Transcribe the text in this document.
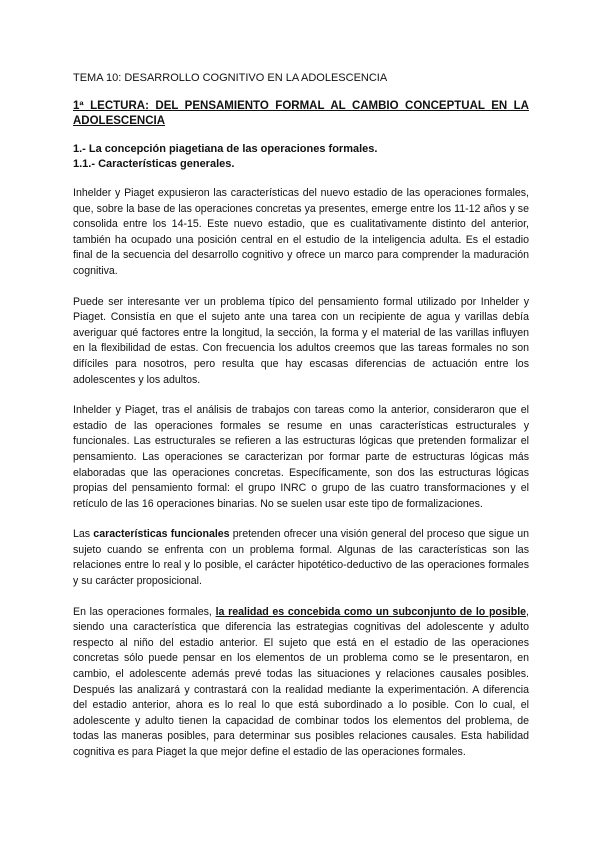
TEMA 10: DESARROLLO COGNITIVO EN LA ADOLESCENCIA
1ª LECTURA: DEL PENSAMIENTO FORMAL AL CAMBIO CONCEPTUAL EN LA ADOLESCENCIA
1.- La concepción piagetiana de las operaciones formales.
1.1.- Características generales.

Inhelder y Piaget expusieron las características del nuevo estadio de las operaciones formales, que, sobre la base de las operaciones concretas ya presentes, emerge entre los 11-12 años y se consolida entre los 14-15. Este nuevo estadio, que es cualitativamente distinto del anterior, también ha ocupado una posición central en el estudio de la inteligencia adulta. Es el estadio final de la secuencia del desarrollo cognitivo y ofrece un marco para comprender la maduración cognitiva.

Puede ser interesante ver un problema típico del pensamiento formal utilizado por Inhelder y Piaget. Consistía en que el sujeto ante una tarea con un recipiente de agua y varillas debía averiguar qué factores entre la longitud, la sección, la forma y el material de las varillas influyen en la flexibilidad de estas. Con frecuencia los adultos creemos que las tareas formales no son difíciles para nosotros, pero resulta que hay escasas diferencias de actuación entre los adolescentes y los adultos.

Inhelder y Piaget, tras el análisis de trabajos con tareas como la anterior, consideraron que el estadio de las operaciones formales se resume en unas características estructurales y funcionales. Las estructurales se refieren a las estructuras lógicas que pretenden formalizar el pensamiento. Las operaciones se caracterizan por formar parte de estructuras lógicas más elaboradas que las operaciones concretas. Específicamente, son dos las estructuras lógicas propias del pensamiento formal: el grupo INRC o grupo de las cuatro transformaciones y el retículo de las 16 operaciones binarias. No se suelen usar este tipo de formalizaciones.

Las características funcionales pretenden ofrecer una visión general del proceso que sigue un sujeto cuando se enfrenta con un problema formal. Algunas de las características son las relaciones entre lo real y lo posible, el carácter hipotético-deductivo de las operaciones formales y su carácter proposicional.

En las operaciones formales, la realidad es concebida como un subconjunto de lo posible, siendo una característica que diferencia las estrategias cognitivas del adolescente y adulto respecto al niño del estadio anterior. El sujeto que está en el estadio de las operaciones concretas sólo puede pensar en los elementos de un problema como se le presentaron, en cambio, el adolescente además prevé todas las situaciones y relaciones causales posibles. Después las analizará y contrastará con la realidad mediante la experimentación. A diferencia del estadio anterior, ahora es lo real lo que está subordinado a lo posible. Con lo cual, el adolescente y adulto tienen la capacidad de combinar todos los elementos del problema, de todas las maneras posibles, para determinar sus posibles relaciones causales. Esta habilidad cognitiva es para Piaget la que mejor define el estadio de las operaciones formales.
